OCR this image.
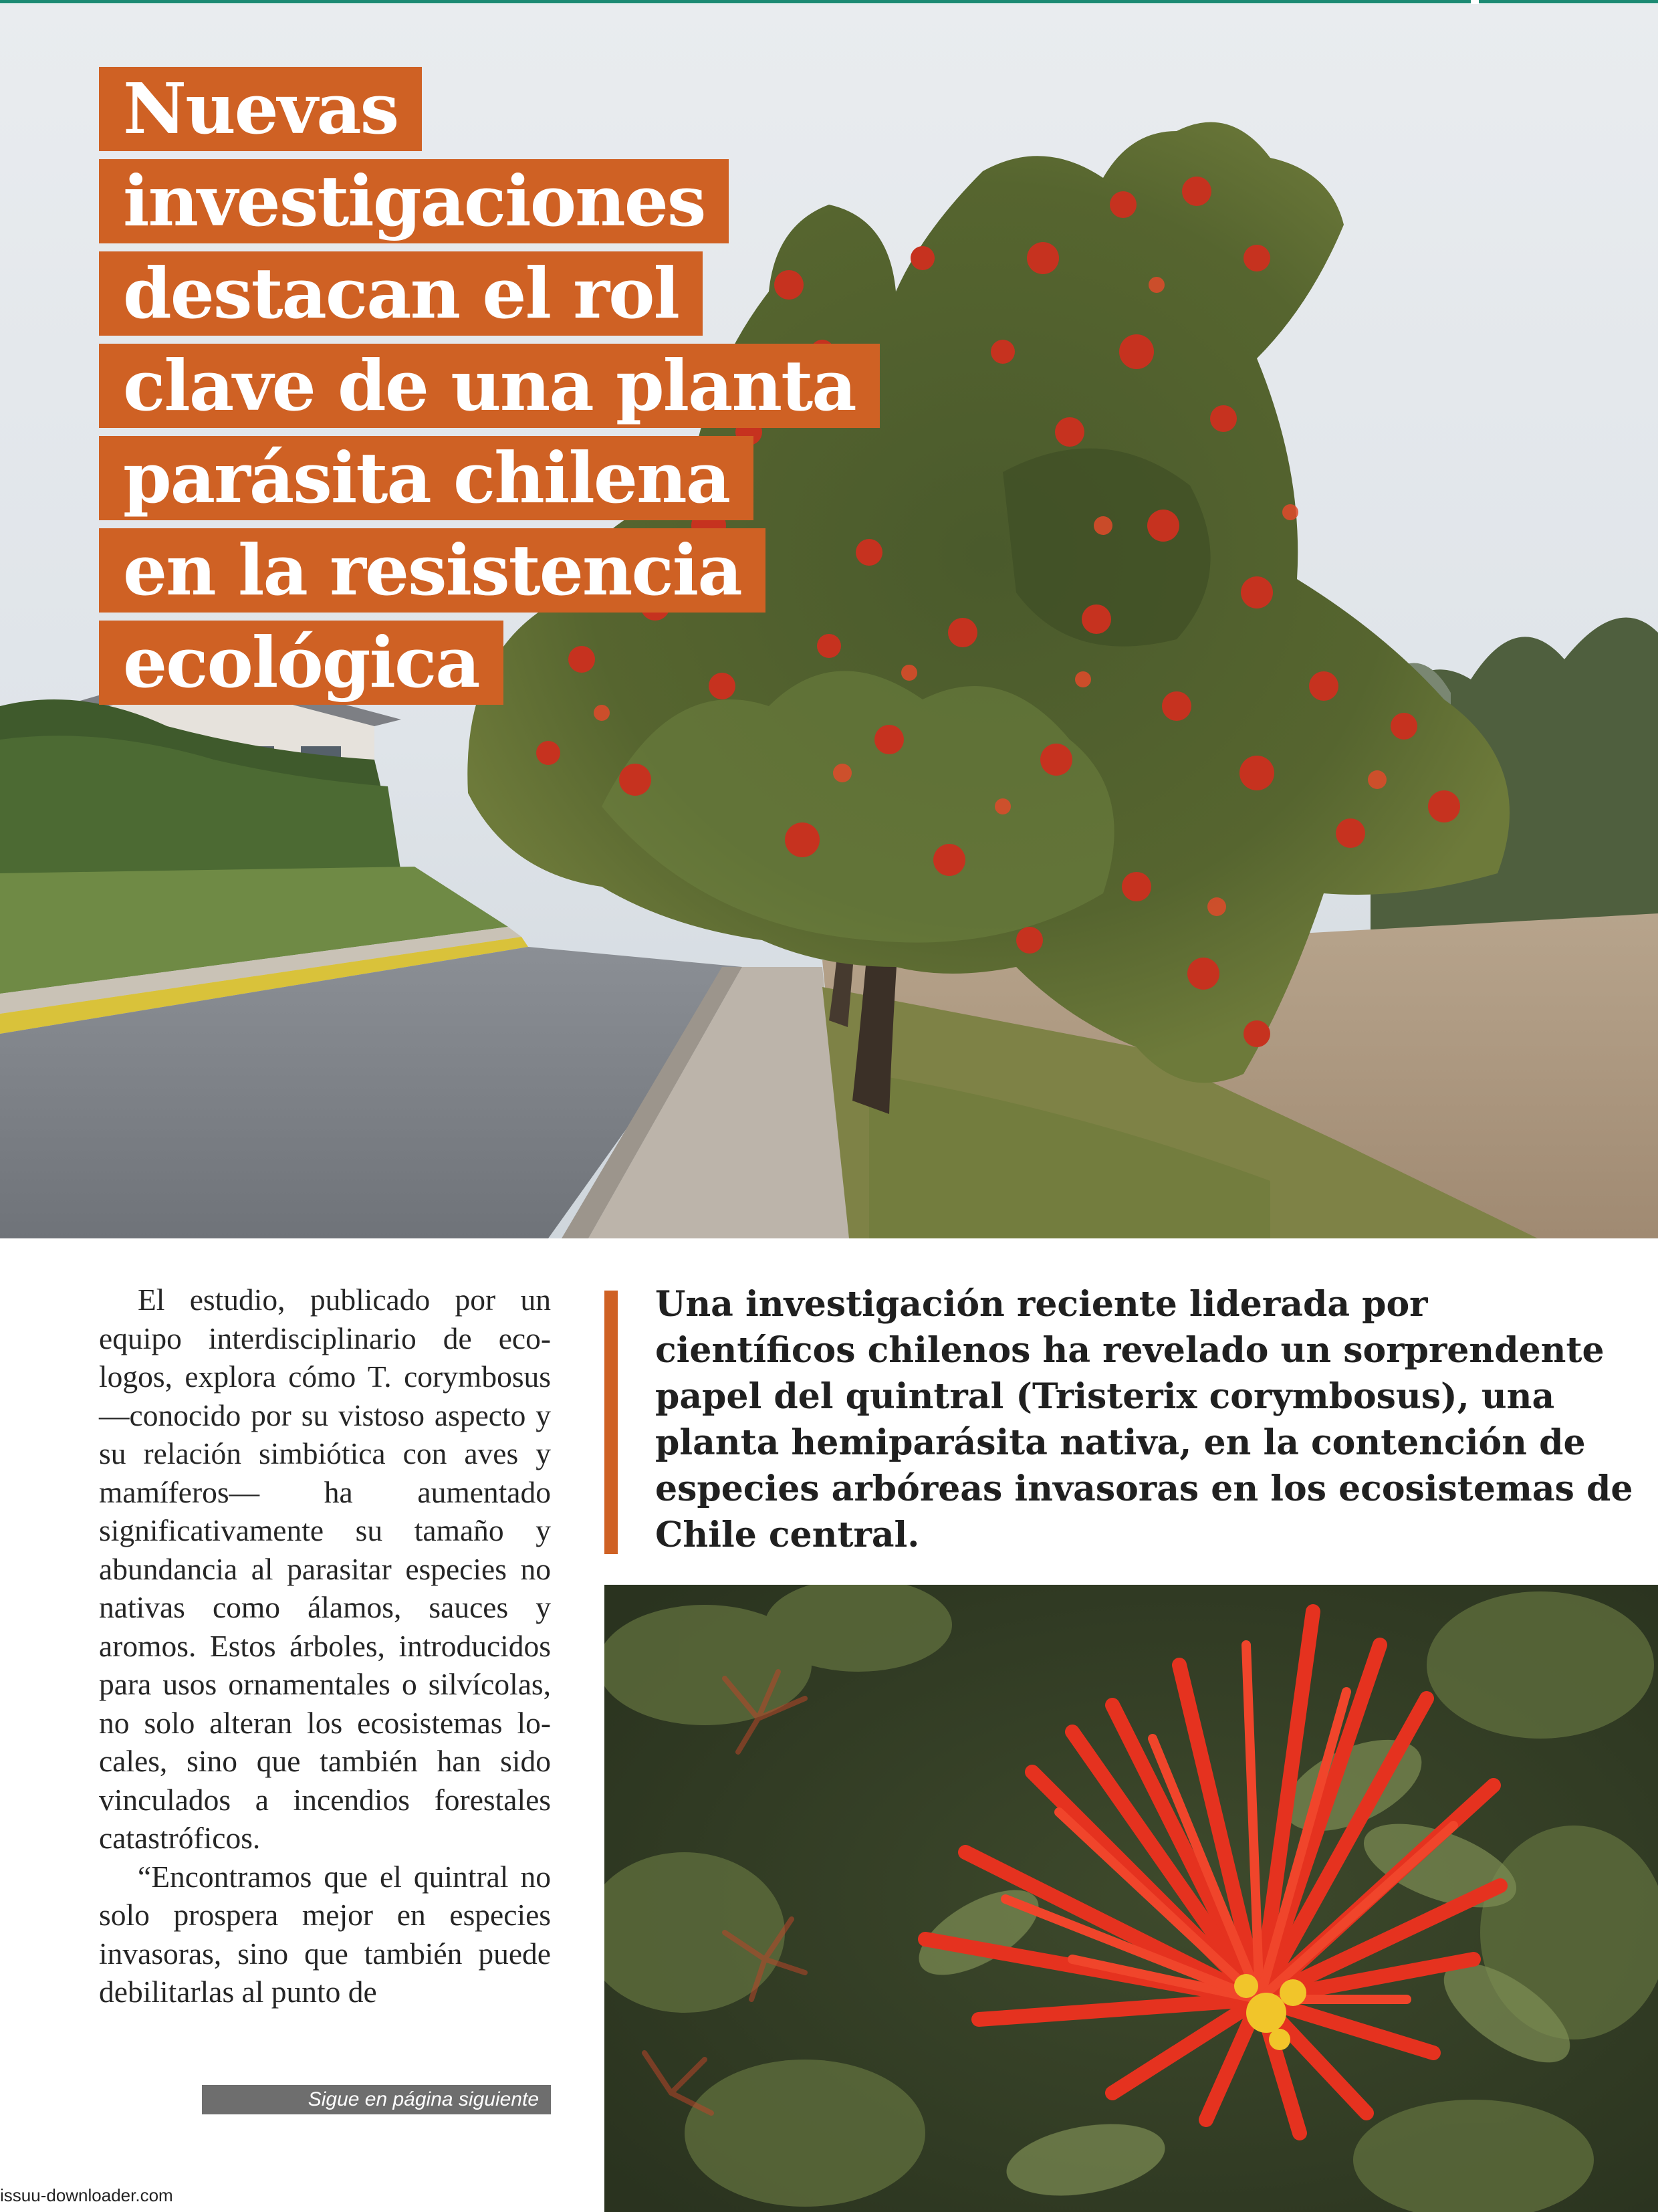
Nuevas
investigaciones
destacan el rol
clave de una planta
parásita chilena
en la resistencia
ecológica

El estudio, publicado por un equipo interdisciplinario de ecologos, explora cómo T. corymbosus —conocido por su vistoso aspecto y su relación simbiótica con aves y mamíferos— ha aumentado significativamente su tamaño y abundancia al parasitar especies no nativas como álamos, sauces y aromos. Estos árboles, introducidos para usos ornamentales o silvícolas, no solo alteran los ecosistemas locales, sino que también han sido vinculados a incendios forestales catastróficos.

“Encontramos que el quintral no solo prospera mejor en especies invasoras, sino que también puede debilitarlas al punto de

Sigue en página siguiente

Una investigación reciente liderada por científicos chilenos ha revelado un sorprendente papel del quintral (Tristerix corymbosus), una planta hemiparásita nativa, en la contención de especies arbóreas invasoras en los ecosistemas de Chile central.

issuu-downloader.com
